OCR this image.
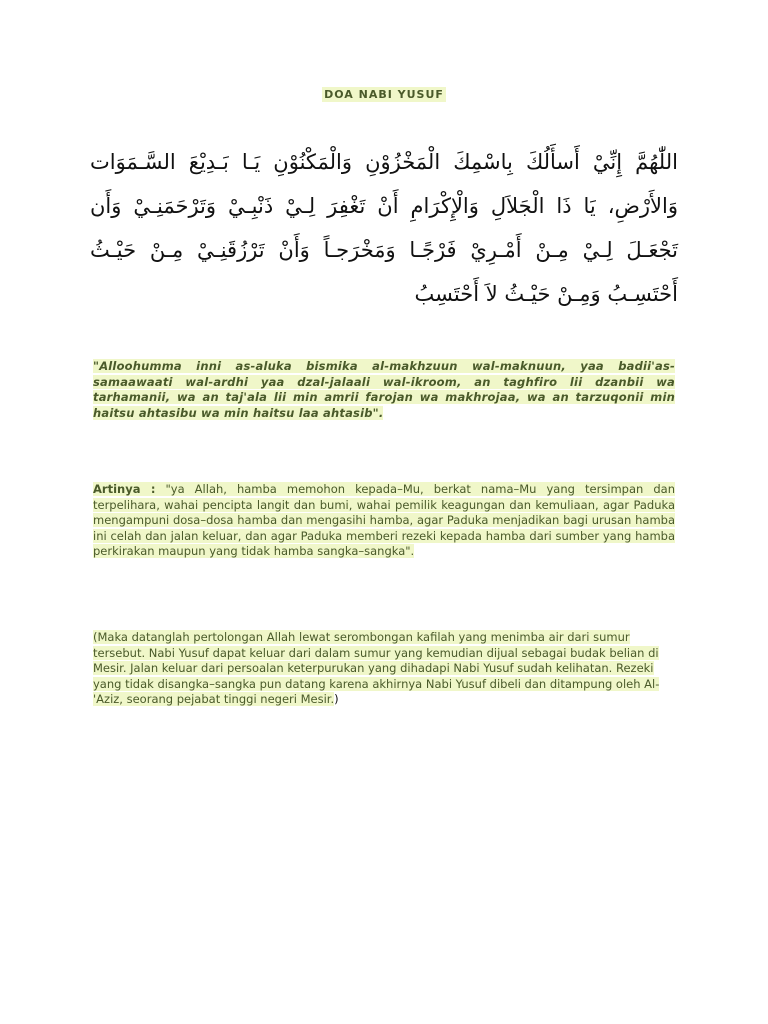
DOA NABI YUSUF
اللّٰهُمَّ إِنِّيْ أَسأَلُكَ بِاسْمِكَ الْمَخْزُوْنِ وَالْمَكْنُوْنِ يَـا بَـدِيْعَ السَّـمَوَات وَالأَرْضِ، يَا ذَا الْجَلاَلِ وَالْإِكْرَامِ أَنْ تَغْفِرَ لِـيْ ذَنْبِـيْ وَتَرْحَمَنِـيْ وَأَن تَجْعَـلَ لِـيْ مِـنْ أَمْـرِيْ فَرْجًـا وَمَخْرَجـاً وَأَنْ تَرْزُقَنِـيْ مِـنْ حَيْـثُ أَحْتَسِـبُ وَمِـنْ حَيْـثُ لاَ أَحْتَسِبُ
"Alloohumma inni as-aluka bismika al-makhzuun wal-maknuun, yaa badii'as-samaawaati wal-ardhi yaa dzal-jalaali wal-ikroom, an taghfiro lii dzanbii wa tarhamanii, wa an taj'ala lii min amrii farojan wa makhrojaa, wa an tarzuqonii min haitsu ahtasibu wa min haitsu laa ahtasib".
Artinya : "ya Allah, hamba memohon kepada–Mu, berkat nama–Mu yang tersimpan dan terpelihara, wahai pencipta langit dan bumi, wahai pemilik keagungan dan kemuliaan, agar Paduka mengampuni dosa–dosa hamba dan mengasihi hamba, agar Paduka menjadikan bagi urusan hamba ini celah dan jalan keluar, dan agar Paduka memberi rezeki kepada hamba dari sumber yang hamba perkirakan maupun yang tidak hamba sangka–sangka".
(Maka datanglah pertolongan Allah lewat serombongan kafilah yang menimba air dari sumur tersebut. Nabi Yusuf dapat keluar dari dalam sumur yang kemudian dijual sebagai budak belian di Mesir. Jalan keluar dari persoalan keterpurukan yang dihadapi Nabi Yusuf sudah kelihatan. Rezeki yang tidak disangka–sangka pun datang karena akhirnya Nabi Yusuf dibeli dan ditampung oleh Al-'Aziz, seorang pejabat tinggi negeri Mesir.)
